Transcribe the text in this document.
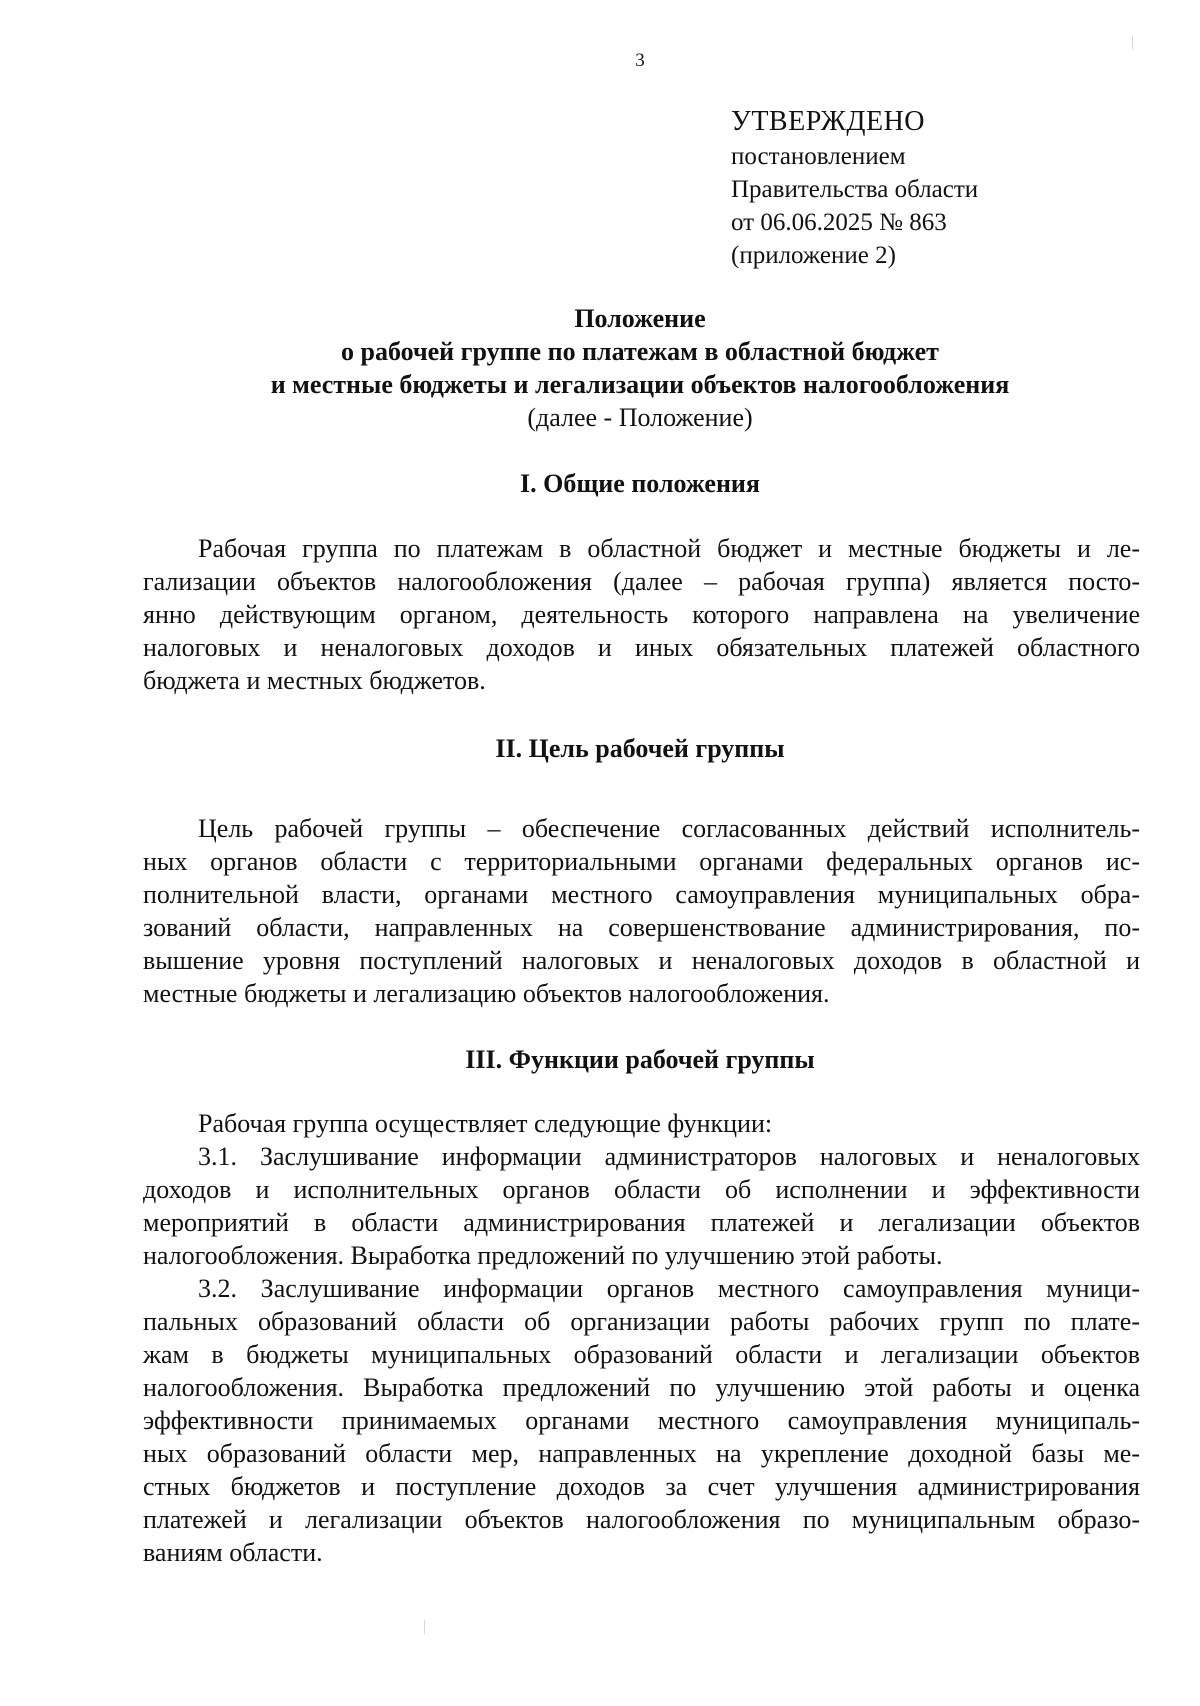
3
УТВЕРЖДЕНО
постановлением
Правительства области
от 06.06.2025 № 863
(приложение 2)
Положение
о рабочей группе по платежам в областной бюджет
и местные бюджеты и легализации объектов налогообложения
(далее - Положение)
I. Общие положения
Рабочая группа по платежам в областной бюджет и местные бюджеты и ле-
гализации объектов налогообложения (далее – рабочая группа) является посто-
янно действующим органом, деятельность которого направлена на увеличение
налоговых и неналоговых доходов и иных обязательных платежей областного
бюджета и местных бюджетов.
II. Цель рабочей группы
Цель рабочей группы – обеспечение согласованных действий исполнитель-
ных органов области с территориальными органами федеральных органов ис-
полнительной власти, органами местного самоуправления муниципальных обра-
зований области, направленных на совершенствование администрирования, по-
вышение уровня поступлений налоговых и неналоговых доходов в областной и
местные бюджеты и легализацию объектов налогообложения.
III. Функции рабочей группы
Рабочая группа осуществляет следующие функции:
3.1. Заслушивание информации администраторов налоговых и неналоговых
доходов и исполнительных органов области об исполнении и эффективности
мероприятий в области администрирования платежей и легализации объектов
налогообложения. Выработка предложений по улучшению этой работы.
3.2. Заслушивание информации органов местного самоуправления муници-
пальных образований области об организации работы рабочих групп по плате-
жам в бюджеты муниципальных образований области и легализации объектов
налогообложения. Выработка предложений по улучшению этой работы и оценка
эффективности принимаемых органами местного самоуправления муниципаль-
ных образований области мер, направленных на укрепление доходной базы ме-
стных бюджетов и поступление доходов за счет улучшения администрирования
платежей и легализации объектов налогообложения по муниципальным образо-
ваниям области.
